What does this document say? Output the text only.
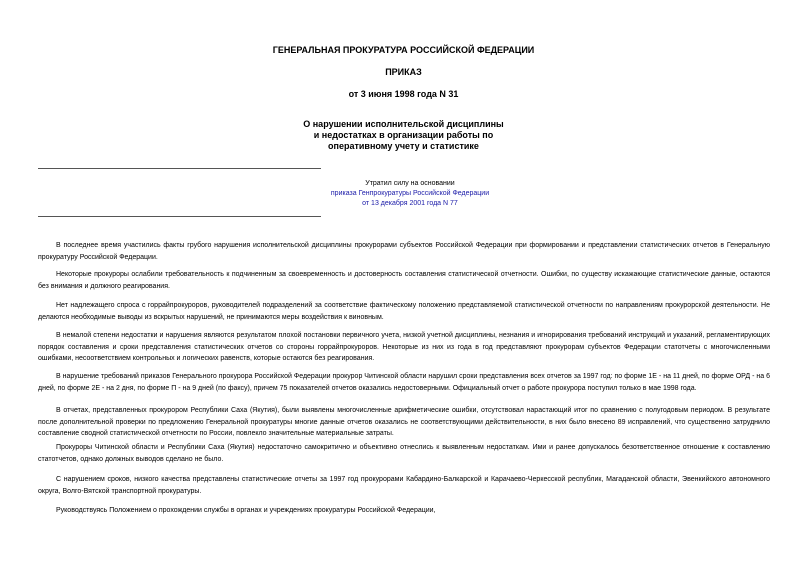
ГЕНЕРАЛЬНАЯ ПРОКУРАТУРА РОССИЙСКОЙ ФЕДЕРАЦИИ
ПРИКАЗ
от 3 июня 1998 года N 31
О нарушении исполнительской дисциплины
и недостатках в организации работы по
оперативному учету и статистике
Утратил силу на основании
приказа Генпрокуратуры Российской Федерации
от 13 декабря 2001 года N 77

В последнее время участились факты грубого нарушения исполнительской дисциплины прокурорами субъектов Российской Федерации при формировании и представлении статистических отчетов в Генеральную прокуратуру Российской Федерации.

Некоторые прокуроры ослабили требовательность к подчиненным за своевременность и достоверность составления статистической отчетности. Ошибки, по существу искажающие статистические данные, остаются без внимания и должного реагирования.

Нет надлежащего спроса с горрайпрокуроров, руководителей подразделений за соответствие фактическому положению представляемой статистической отчетности по направлениям прокурорской деятельности. Не делаются необходимые выводы из вскрытых нарушений, не принимаются меры воздействия к виновным.

В немалой степени недостатки и нарушения являются результатом плохой постановки первичного учета, низкой учетной дисциплины, незнания и игнорирования требований инструкций и указаний, регламентирующих порядок составления и сроки представления статистических отчетов со стороны горрайпрокуроров. Некоторые из них из года в год представляют прокурорам субъектов Федерации статотчеты с многочисленными ошибками, несоответствием контрольных и логических равенств, которые остаются без реагирования.

В нарушение требований приказов Генерального прокурора Российской Федерации прокурор Читинской области нарушил сроки представления всех отчетов за 1997 год: по форме 1Е - на 11 дней, по форме ОРД - на 6 дней, по форме 2Е - на 2 дня, по форме П - на 9 дней (по факсу), причем 75 показателей отчетов оказались недостоверными. Официальный отчет о работе прокурора поступил только в мае 1998 года.

В отчетах, представленных прокурором Республики Саха (Якутия), были выявлены многочисленные арифметические ошибки, отсутствовал нарастающий итог по сравнению с полугодовым периодом. В результате после дополнительной проверки по предложению Генеральной прокуратуры многие данные отчетов оказались не соответствующими действительности, в них было внесено 89 исправлений, что существенно затруднило составление сводной статистической отчетности по России, повлекло значительные материальные затраты.

Прокуроры Читинской области и Республики Саха (Якутия) недостаточно самокритично и объективно отнеслись к выявленным недостаткам. Ими и ранее допускалось безответственное отношение к составлению статотчетов, однако должных выводов сделано не было.

С нарушением сроков, низкого качества представлены статистические отчеты за 1997 год прокурорами Кабардино-Балкарской и Карачаево-Черкесской республик, Магаданской области, Эвенкийского автономного округа, Волго-Вятской транспортной прокуратуры.

Руководствуясь Положением о прохождении службы в органах и учреждениях прокуратуры Российской Федерации,
